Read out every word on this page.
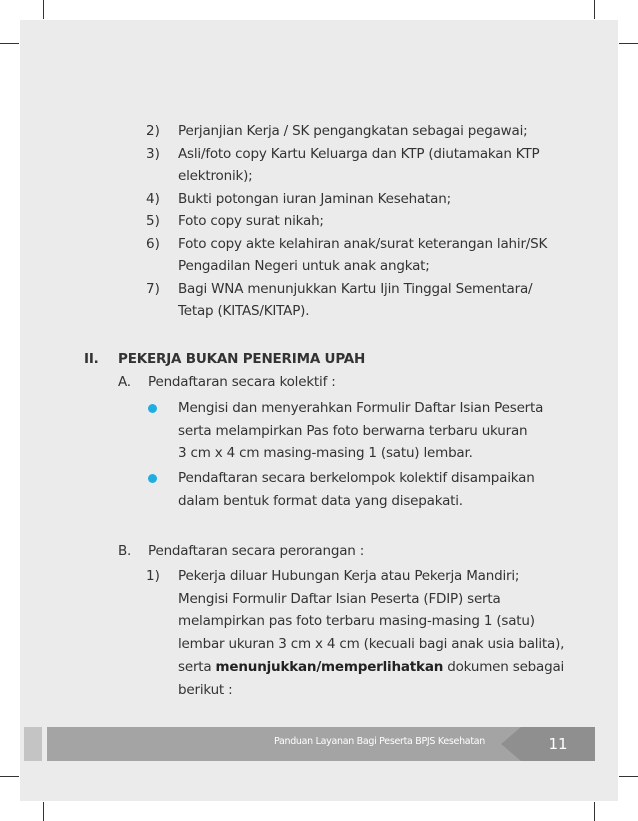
2) Perjanjian Kerja / SK pengangkatan sebagai pegawai;
3) Asli/foto copy Kartu Keluarga dan KTP (diutamakan KTP
elektronik);
4) Bukti potongan iuran Jaminan Kesehatan;
5) Foto copy surat nikah;
6) Foto copy akte kelahiran anak/surat keterangan lahir/SK
Pengadilan Negeri untuk anak angkat;
7) Bagi WNA menunjukkan Kartu Ijin Tinggal Sementara/
Tetap (KITAS/KITAP).
II. PEKERJA BUKAN PENERIMA UPAH
A. Pendaftaran secara kolektif :
Mengisi dan menyerahkan Formulir Daftar Isian Peserta
serta melampirkan Pas foto berwarna terbaru ukuran
3 cm x 4 cm masing-masing 1 (satu) lembar.
Pendaftaran secara berkelompok kolektif disampaikan
dalam bentuk format data yang disepakati.
B. Pendaftaran secara perorangan :
1) Pekerja diluar Hubungan Kerja atau Pekerja Mandiri;
Mengisi Formulir Daftar Isian Peserta (FDIP) serta
melampirkan pas foto terbaru masing-masing 1 (satu)
lembar ukuran 3 cm x 4 cm (kecuali bagi anak usia balita),
serta menunjukkan/memperlihatkan dokumen sebagai
berikut :
Panduan Layanan Bagi Peserta BPJS Kesehatan	11
